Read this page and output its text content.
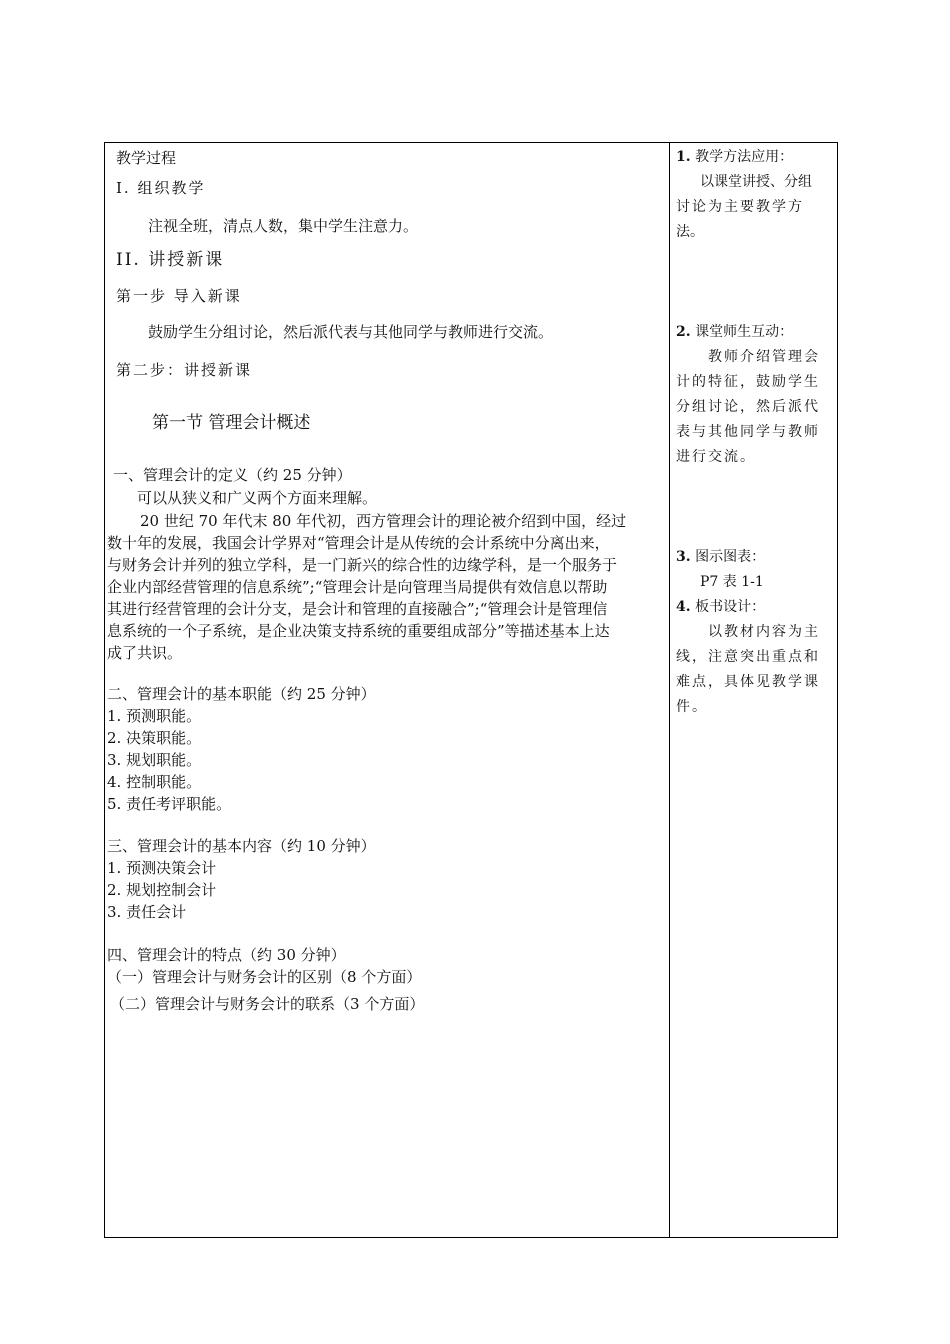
教学过程
I. 组织教学
注视全班，清点人数，集中学生注意力。
II. 讲授新课
第一步 导入新课
鼓励学生分组讨论，然后派代表与其他同学与教师进行交流。
第二步：讲授新课
第一节 管理会计概述
一、管理会计的定义（约 25 分钟）
可以从狭义和广义两个方面来理解。
20 世纪 70 年代末 80 年代初，西方管理会计的理论被介绍到中国，经过
数十年的发展，我国会计学界对“管理会计是从传统的会计系统中分离出来，
与财务会计并列的独立学科，是一门新兴的综合性的边缘学科，是一个服务于
企业内部经营管理的信息系统”;“管理会计是向管理当局提供有效信息以帮助
其进行经营管理的会计分支，是会计和管理的直接融合”;“管理会计是管理信
息系统的一个子系统，是企业决策支持系统的重要组成部分”等描述基本上达
成了共识。
二、管理会计的基本职能（约 25 分钟）
1. 预测职能。
2. 决策职能。
3. 规划职能。
4. 控制职能。
5. 责任考评职能。
三、管理会计的基本内容（约 10 分钟）
1. 预测决策会计
2. 规划控制会计
3. 责任会计
四、管理会计的特点（约 30 分钟）
（一）管理会计与财务会计的区别（8 个方面）
（二）管理会计与财务会计的联系（3 个方面）
1. 教学方法应用：
以课堂讲授、分组
讨论为主要教学方
法。
2. 课堂师生互动：
教师介绍管理会
计的特征，鼓励学生
分组讨论，然后派代
表与其他同学与教师
进行交流。
3. 图示图表：
P7 表 1-1
4. 板书设计：
以教材内容为主
线，注意突出重点和
难点，具体见教学课
件。
